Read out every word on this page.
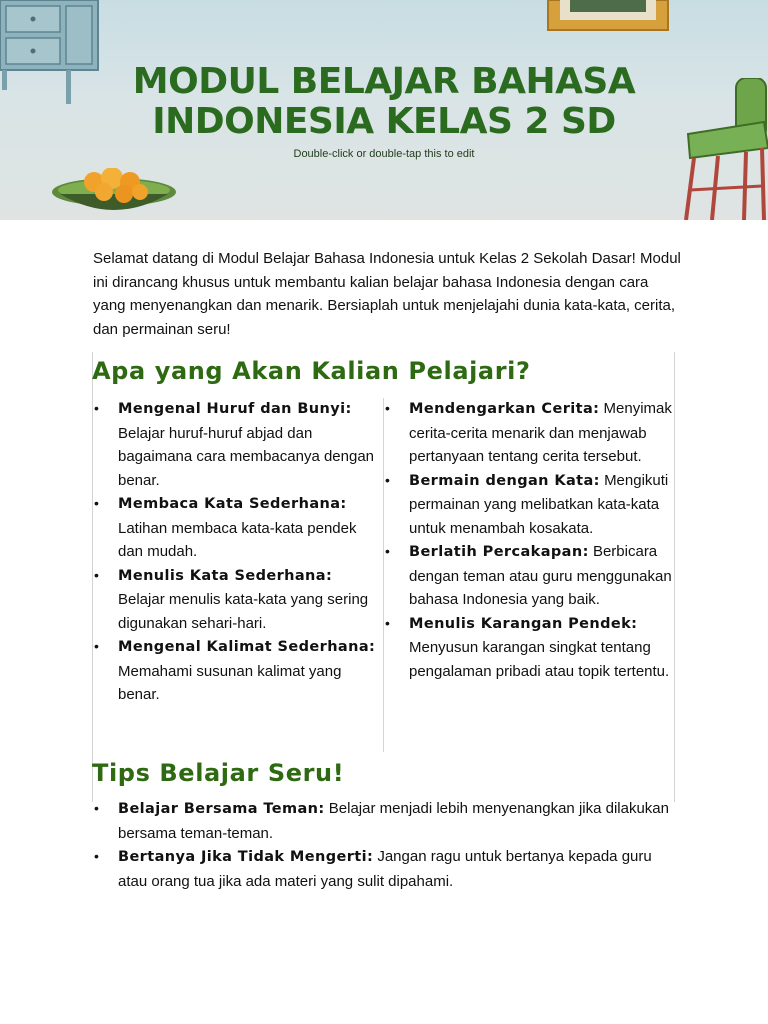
MODUL BELAJAR BAHASA
INDONESIA KELAS 2 SD
Double-click or double-tap this to edit

Selamat datang di Modul Belajar Bahasa Indonesia untuk Kelas 2 Sekolah Dasar! Modul ini dirancang khusus untuk membantu kalian belajar bahasa Indonesia dengan cara yang menyenangkan dan menarik. Bersiaplah untuk menjelajahi dunia kata-kata, cerita, dan permainan seru!

Apa yang Akan Kalian Pelajari?
• Mengenal Huruf dan Bunyi: Belajar huruf-huruf abjad dan bagaimana cara membacanya dengan benar.
• Membaca Kata Sederhana: Latihan membaca kata-kata pendek dan mudah.
• Menulis Kata Sederhana: Belajar menulis kata-kata yang sering digunakan sehari-hari.
• Mengenal Kalimat Sederhana: Memahami susunan kalimat yang benar.
• Mendengarkan Cerita: Menyimak cerita-cerita menarik dan menjawab pertanyaan tentang cerita tersebut.
• Bermain dengan Kata: Mengikuti permainan yang melibatkan kata-kata untuk menambah kosakata.
• Berlatih Percakapan: Berbicara dengan teman atau guru menggunakan bahasa Indonesia yang baik.
• Menulis Karangan Pendek: Menyusun karangan singkat tentang pengalaman pribadi atau topik tertentu.
Tips Belajar Seru!
• Belajar Bersama Teman: Belajar menjadi lebih menyenangkan jika dilakukan bersama teman-teman.
• Bertanya Jika Tidak Mengerti: Jangan ragu untuk bertanya kepada guru atau orang tua jika ada materi yang sulit dipahami.
